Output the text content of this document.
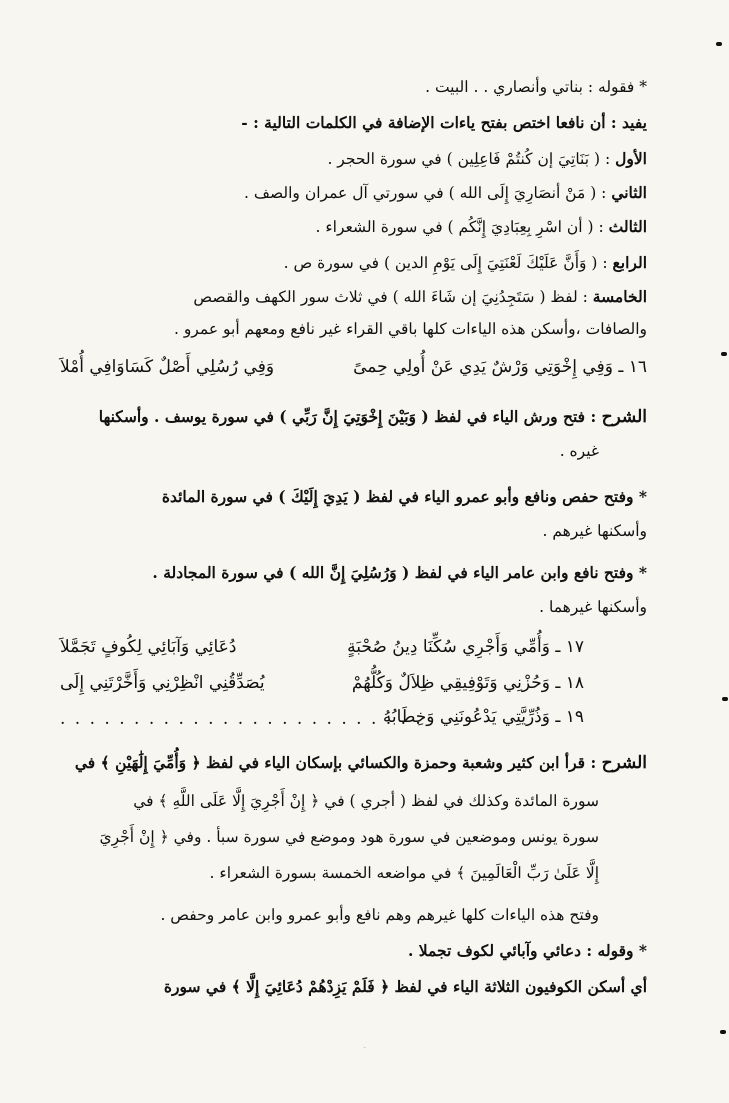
* فقوله : بناتي وأنصاري . . البيت .
يفيد : أن نافعا اختص بفتح ياءات الإضافة في الكلمات التالية : -
الأول : ( بَنَاتِيَ إن كُنتُمْ فَاعِلِين ) في سورة الحجر .
الثاني : ( مَنْ أنصَارِيَ إِلَى الله ) في سورتي آل عمران والصف .
الثالث : ( أن اسْرِ بِعِبَادِيَ إِنَّكُم ) في سورة الشعراء .
الرابع : ( وَأَنَّ عَلَيْكَ لَعْنَتِيَ إِلَى يَوْمِ الدين ) في سورة ص .
الخامسة : لفظ ( سَتَجِدُنِيَ إن شَاءَ الله ) في ثلاث سور الكهف والقصص
والصافات ،وأسكن هذه الياءات كلها باقي القراء غير نافع ومعهم أبو عمرو .
١٦ ـ وَفِي إِخْوَتِي وَرْشٌ يَدِي عَنْ أُولِي حِمىً
وَفِي رُسُلِي أَصْلٌ كَسَاوَافِي أُمْلاَ
الشرح : فتح ورش الياء في لفظ ( وَبَيْنَ إِخْوَتِيَ إِنَّ رَبِّي ) في سورة يوسف . وأسكنها
غيره .
* وفتح حفص ونافع وأبو عمرو الياء في لفظ ( يَدِيَ إِلَيْكَ ) في سورة المائدة
وأسكنها غيرهم .
* وفتح نافع وابن عامر الياء في لفظ ( وَرُسُلِيَ إِنَّ الله ) في سورة المجادلة .
وأسكنها غيرهما .
١٧ ـ وَأُمِّي وَأَجْرِي سُكِّنَا دِينُ صُحْبَةٍ
دُعَائِي وَآبَائِي لِكُوفٍ تَجَمَّلاَ
١٨ ـ وَحُزْنِي وَتَوْفِيقِي ظِلاَلٌ وَكُلُّهُمْ
يُصَدِّقُنِي انْظِرْنِي وَأَخَّرْتَنِي إِلَى
١٩ ـ وَذُرِّيَّتِي يَدْعُونَنِي وَخِطَابُهُ
. . . . . . . . . . . . . . . . . . . . . . . . .
الشرح : قرأ ابن كثير وشعبة وحمزة والكسائي بإسكان الياء في لفظ ﴿ وَأُمِّيَ إِلَٰهَيْنِ ﴾ في
سورة المائدة وكذلك في لفظ ( أجري ) في ﴿ إِنْ أَجْرِيَ إِلَّا عَلَى اللَّهِ ﴾ في
سورة يونس وموضعين في سورة هود وموضع في سورة سبأ . وفي ﴿ إِنْ أَجْرِيَ
إِلَّا عَلَىٰ رَبِّ الْعَالَمِينَ ﴾ في مواضعه الخمسة بسورة الشعراء .
وفتح هذه الياءات كلها غيرهم وهم نافع وأبو عمرو وابن عامر وحفص .
* وقوله : دعائي وآبائي لكوف تجملا .
أي أسكن الكوفيون الثلاثة الياء في لفظ ﴿ فَلَمْ يَزِدْهُمْ دُعَائِيَ إِلَّا ﴾ في سورة
١٦٩
